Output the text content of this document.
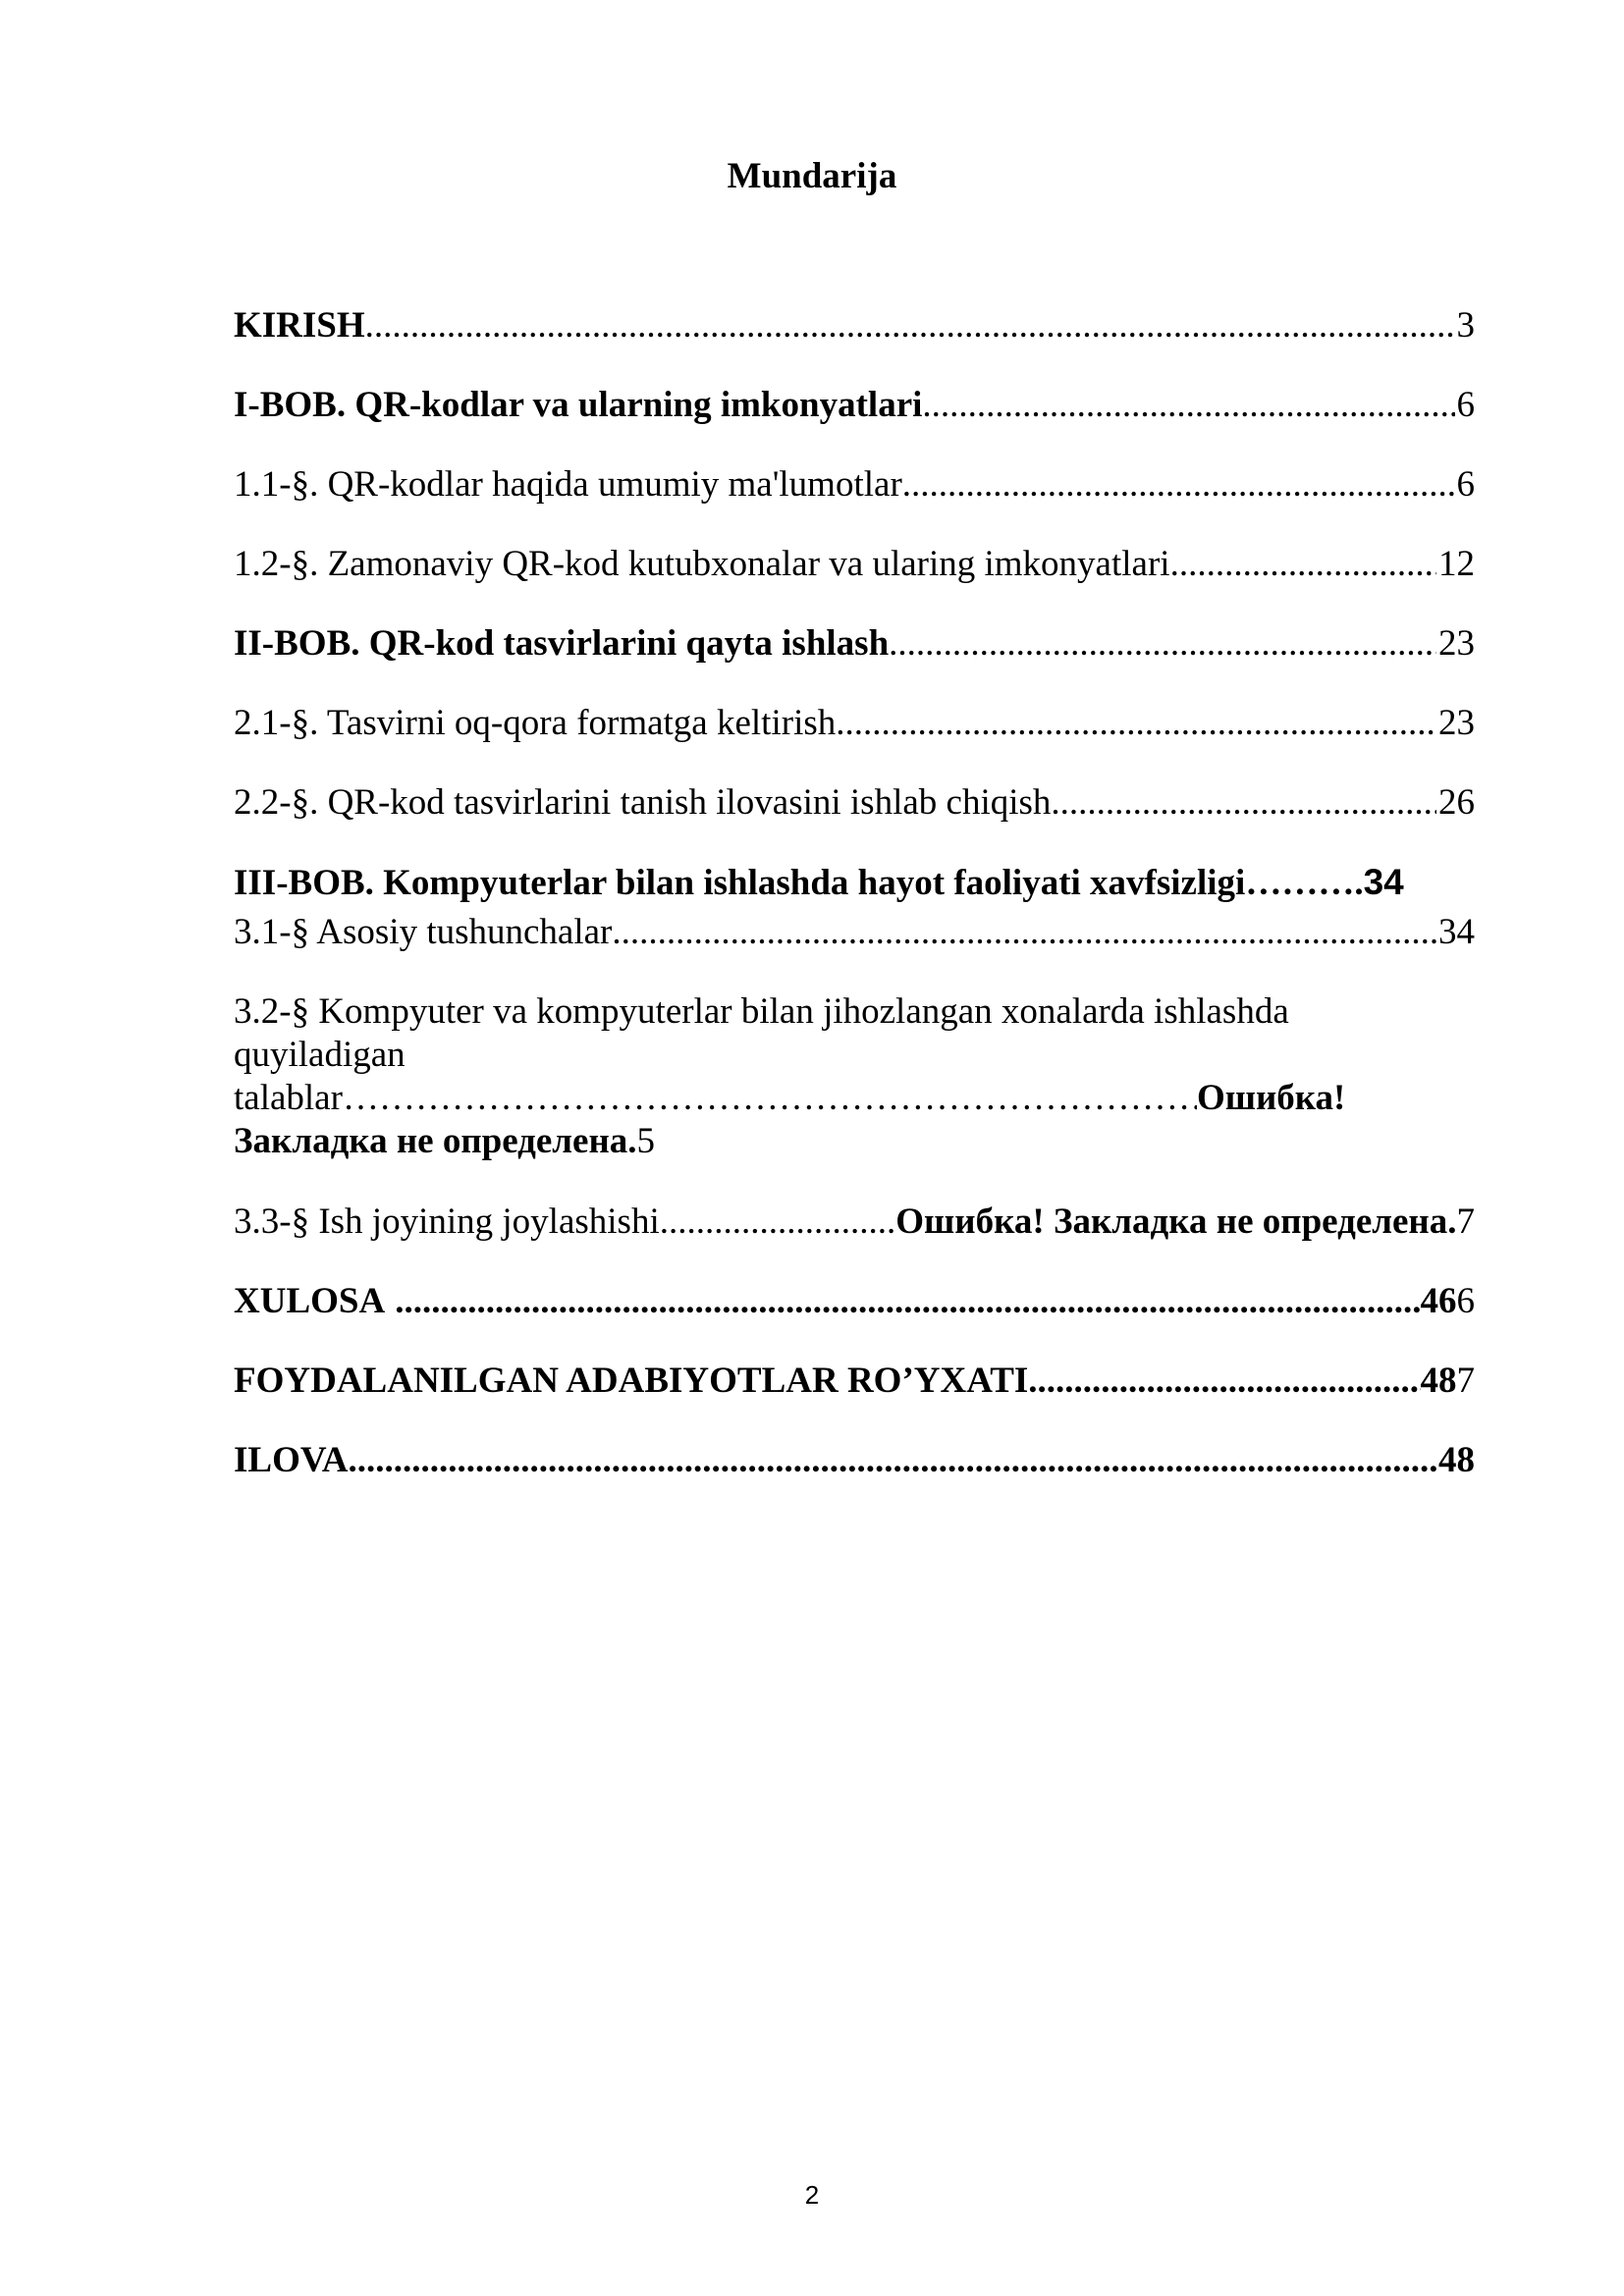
Mundarija
KIRISH .....	3
I-BOB. QR-kodlar va ularning imkonyatlari .....	6
1.1-§. QR-kodlar haqida umumiy ma'lumotlar .....	6
1.2-§. Zamonaviy QR-kod kutubxonalar va ularing imkonyatlari .....	12
II-BOB. QR-kod tasvirlarini qayta ishlash .....	23
2.1-§. Tasvirni oq-qora formatga keltirish .....	23
2.2-§. QR-kod tasvirlarini tanish ilovasini ishlab chiqish .....	26
III-BOB. Kompyuterlar bilan ishlashda hayot faoliyati xavfsizligi ………. 34
3.1-§ Asosiy tushunchalar .....	34
3.2-§ Kompyuter va kompyuterlar bilan jihozlangan xonalarda ishlashda
quyiladigan
talablar ……………………………………………………………………………………………………………………………………………………	Ошибка!
Закладка не определена.5
3.3-§ Ish joyining joylashishi .....	Ошибка! Закладка не определена. 7
XULOSA .....	46 6
FOYDALANILGAN ADABIYOTLAR RO’YXATI .....	48 7
ILOVA .....	48
2
